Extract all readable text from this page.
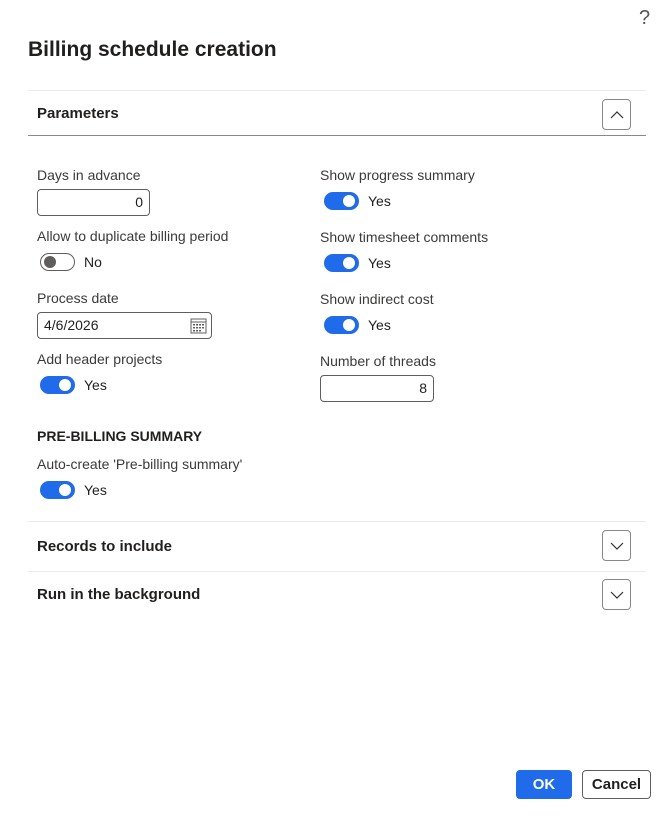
?
Billing schedule creation
Parameters
Days in advance
0
Allow to duplicate billing period
No
Process date
4/6/2026
Add header projects
Yes
Show progress summary
Yes
Show timesheet comments
Yes
Show indirect cost
Yes
Number of threads
8
PRE-BILLING SUMMARY
Auto-create 'Pre-billing summary'
Yes
Records to include
Run in the background
OK	Cancel
